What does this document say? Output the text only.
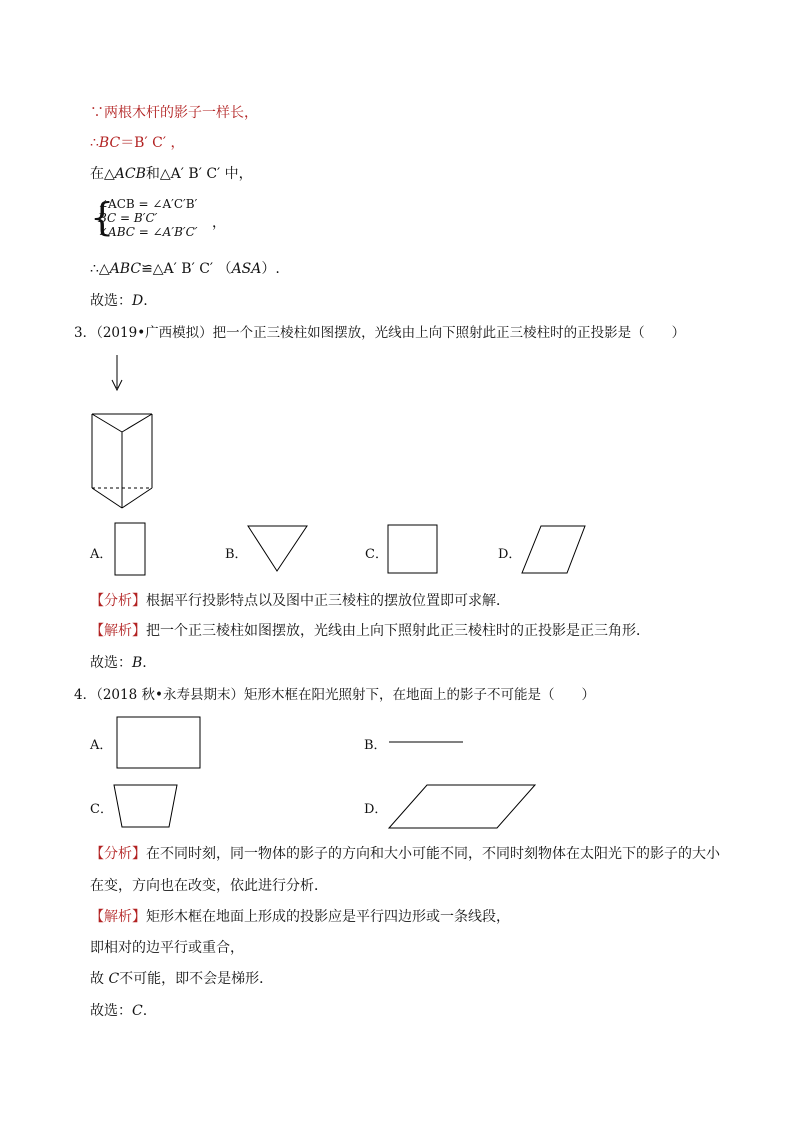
∵两根木杆的影子一样长，
∴BC＝B′ C′ ，
在△ACB和△A′ B′ C′ 中，
{
∠ACB = ∠A′C′B′
BC = B′C′
∠ABC = ∠A′B′C′
，
∴△ABC≌△A′ B′ C′ （ASA）.
故选：D.
3．（2019•广西模拟）把一个正三棱柱如图摆放，光线由上向下照射此正三棱柱时的正投影是（　　）
A．	B．	C．	D．
【分析】根据平行投影特点以及图中正三棱柱的摆放位置即可求解．
【解析】把一个正三棱柱如图摆放，光线由上向下照射此正三棱柱时的正投影是正三角形．
故选：B.
4．（2018 秋•永寿县期末）矩形木框在阳光照射下，在地面上的影子不可能是（　　）
A．	B．
C．	D．
【分析】在不同时刻，同一物体的影子的方向和大小可能不同，不同时刻物体在太阳光下的影子的大小
在变，方向也在改变，依此进行分析．
【解析】矩形木框在地面上形成的投影应是平行四边形或一条线段，
即相对的边平行或重合，
故 C不可能，即不会是梯形．
故选：C.
